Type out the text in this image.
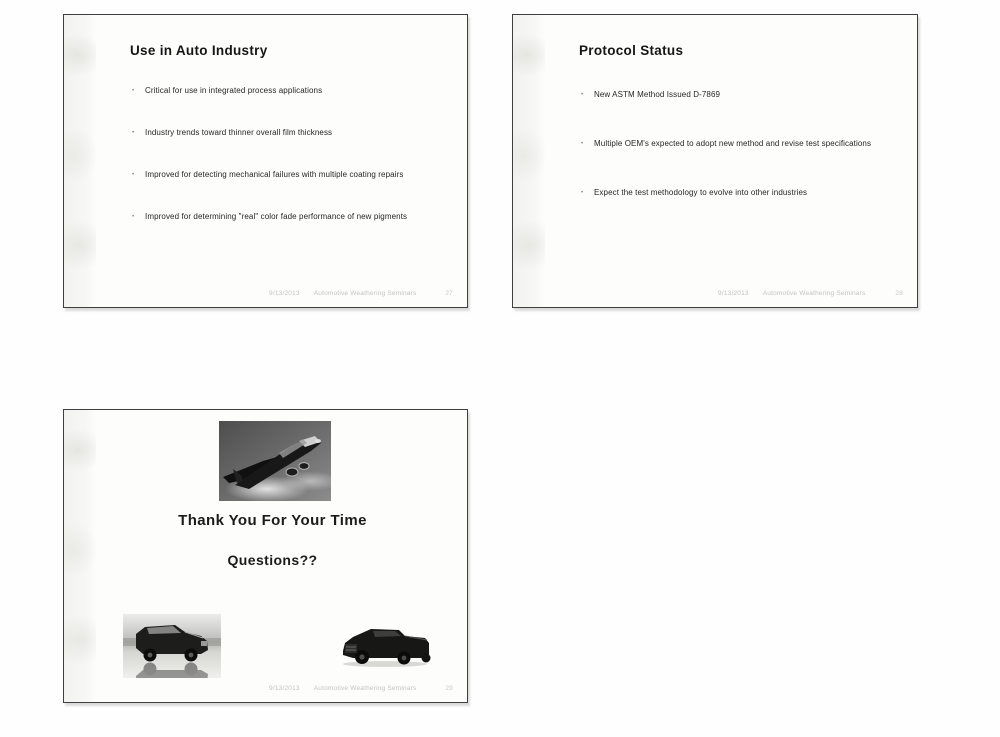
Use in Auto Industry
•	Critical for use in integrated process applications
•	Industry trends toward thinner overall film thickness
•	Improved for detecting mechanical failures with multiple coating repairs
•	Improved for determining "real" color fade performance of new pigments
9/13/2013 Automotive Weathering Seminars	27
Protocol Status
•	New ASTM Method Issued D-7869
•	Multiple OEM's expected to adopt new method and revise test specifications
•	Expect the test methodology to evolve into other industries
9/13/2013 Automotive Weathering Seminars	28
Thank You For Your Time
Questions??
9/13/2013 Automotive Weathering Seminars	29
